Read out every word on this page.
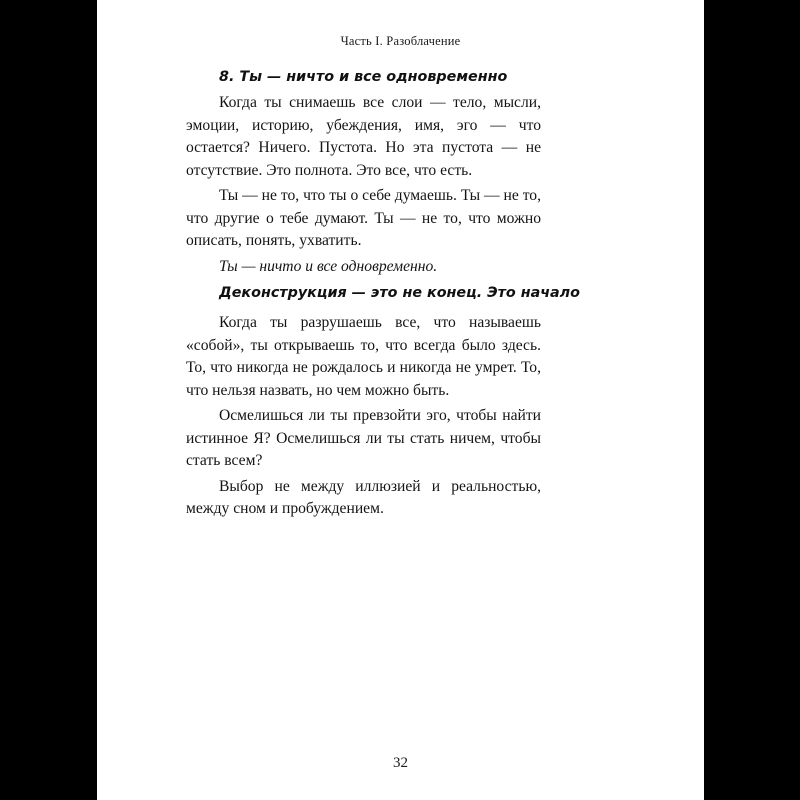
Часть I. Разоблачение
8. Ты — ничто и все одновременно

Когда ты снимаешь все слои — тело, мысли, эмоции, историю, убеждения, имя, эго — что остается? Ничего. Пустота. Но эта пустота — не отсутствие. Это полнота. Это все, что есть.

Ты — не то, что ты о себе думаешь. Ты — не то, что другие о тебе думают. Ты — не то, что можно описать, понять, ухватить.

Ты — ничто и все одновременно.

Деконструкция — это не конец. Это начало

Когда ты разрушаешь все, что называешь «собой», ты открываешь то, что всегда было здесь. То, что никогда не рождалось и никогда не умрет. То, что нельзя назвать, но чем можно быть.

Осмелишься ли ты превзойти эго, чтобы найти истинное Я? Осмелишься ли ты стать ничем, чтобы стать всем?

Выбор не между иллюзией и реальностью, между сном и пробуждением.

32
